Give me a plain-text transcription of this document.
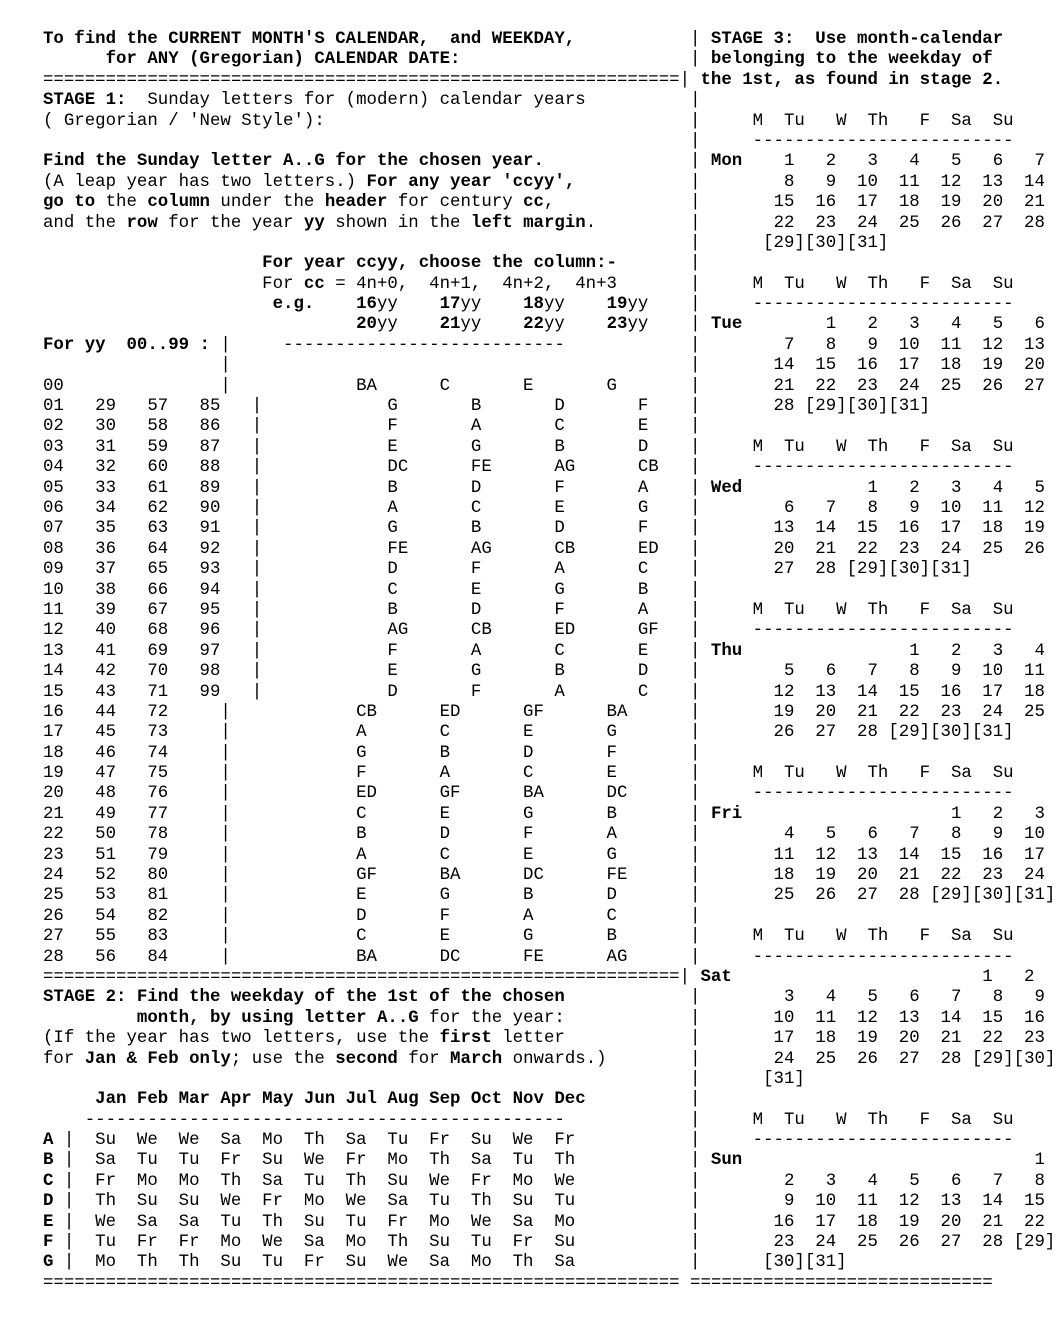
To find the CURRENT MONTH'S CALENDAR,  and WEEKDAY,           | STAGE 3:  Use month-calendar
for ANY (Gregorian) CALENDAR DATE:                      | belonging to the weekday of
=============================================================| the 1st, as found in stage 2.
STAGE 1:  Sunday letters for (modern) calendar years          |
( Gregorian / 'New Style'):                                   |     M  Tu   W  Th   F  Sa  Su
|     -------------------------
Find the Sunday letter A..G for the chosen year.              | Mon    1   2   3   4   5   6   7
(A leap year has two letters.) For any year 'ccyy',           |        8   9  10  11  12  13  14
go to the column under the header for century cc,             |       15  16  17  18  19  20  21
and the row for the year yy shown in the left margin.         |       22  23  24  25  26  27  28
|      [29][30][31]
For year ccyy, choose the column:-       |
For cc = 4n+0,  4n+1,  4n+2,  4n+3       |     M  Tu   W  Th   F  Sa  Su
e.g.    16yy    17yy    18yy    19yy    |     -------------------------
20yy    21yy    22yy    23yy    | Tue        1   2   3   4   5   6
For yy  00..99 : |     ---------------------------            |        7   8   9  10  11  12  13
|                                            |       14  15  16  17  18  19  20
00               |            BA      C       E       G       |       21  22  23  24  25  26  27
01   29   57   85   |            G       B       D       F    |       28 [29][30][31]
02   30   58   86   |            F       A       C       E    |
03   31   59   87   |            E       G       B       D    |     M  Tu   W  Th   F  Sa  Su
04   32   60   88   |            DC      FE      AG      CB   |     -------------------------
05   33   61   89   |            B       D       F       A    | Wed            1   2   3   4   5
06   34   62   90   |            A       C       E       G    |        6   7   8   9  10  11  12
07   35   63   91   |            G       B       D       F    |       13  14  15  16  17  18  19
08   36   64   92   |            FE      AG      CB      ED   |       20  21  22  23  24  25  26
09   37   65   93   |            D       F       A       C    |       27  28 [29][30][31]
10   38   66   94   |            C       E       G       B    |
11   39   67   95   |            B       D       F       A    |     M  Tu   W  Th   F  Sa  Su
12   40   68   96   |            AG      CB      ED      GF   |     -------------------------
13   41   69   97   |            F       A       C       E    | Thu                1   2   3   4
14   42   70   98   |            E       G       B       D    |        5   6   7   8   9  10  11
15   43   71   99   |            D       F       A       C    |       12  13  14  15  16  17  18
16   44   72     |            CB      ED      GF      BA      |       19  20  21  22  23  24  25
17   45   73     |            A       C       E       G       |       26  27  28 [29][30][31]
18   46   74     |            G       B       D       F       |
19   47   75     |            F       A       C       E       |     M  Tu   W  Th   F  Sa  Su
20   48   76     |            ED      GF      BA      DC      |     -------------------------
21   49   77     |            C       E       G       B       | Fri                    1   2   3
22   50   78     |            B       D       F       A       |        4   5   6   7   8   9  10
23   51   79     |            A       C       E       G       |       11  12  13  14  15  16  17
24   52   80     |            GF      BA      DC      FE      |       18  19  20  21  22  23  24
25   53   81     |            E       G       B       D       |       25  26  27  28 [29][30][31]
26   54   82     |            D       F       A       C       |
27   55   83     |            C       E       G       B       |     M  Tu   W  Th   F  Sa  Su
28   56   84     |            BA      DC      FE      AG      |     -------------------------
=============================================================| Sat                        1   2
STAGE 2: Find the weekday of the 1st of the chosen            |        3   4   5   6   7   8   9
month, by using letter A..G for the year:            |       10  11  12  13  14  15  16
(If the year has two letters, use the first letter            |       17  18  19  20  21  22  23
for Jan & Feb only; use the second for March onwards.)        |       24  25  26  27  28 [29][30]
|      [31]
Jan Feb Mar Apr May Jun Jul Aug Sep Oct Nov Dec          |
----------------------------------------------            |     M  Tu   W  Th   F  Sa  Su
A |  Su  We  We  Sa  Mo  Th  Sa  Tu  Fr  Su  We  Fr           |     -------------------------
B |  Sa  Tu  Tu  Fr  Su  We  Fr  Mo  Th  Sa  Tu  Th           | Sun                            1
C |  Fr  Mo  Mo  Th  Sa  Tu  Th  Su  We  Fr  Mo  We           |        2   3   4   5   6   7   8
D |  Th  Su  Su  We  Fr  Mo  We  Sa  Tu  Th  Su  Tu           |        9  10  11  12  13  14  15
E |  We  Sa  Sa  Tu  Th  Su  Tu  Fr  Mo  We  Sa  Mo           |       16  17  18  19  20  21  22
F |  Tu  Fr  Fr  Mo  We  Sa  Mo  Th  Su  Tu  Fr  Su           |       23  24  25  26  27  28 [29]
G |  Mo  Th  Th  Su  Tu  Fr  Su  We  Sa  Mo  Th  Sa           |      [30][31]
============================================================= =============================
